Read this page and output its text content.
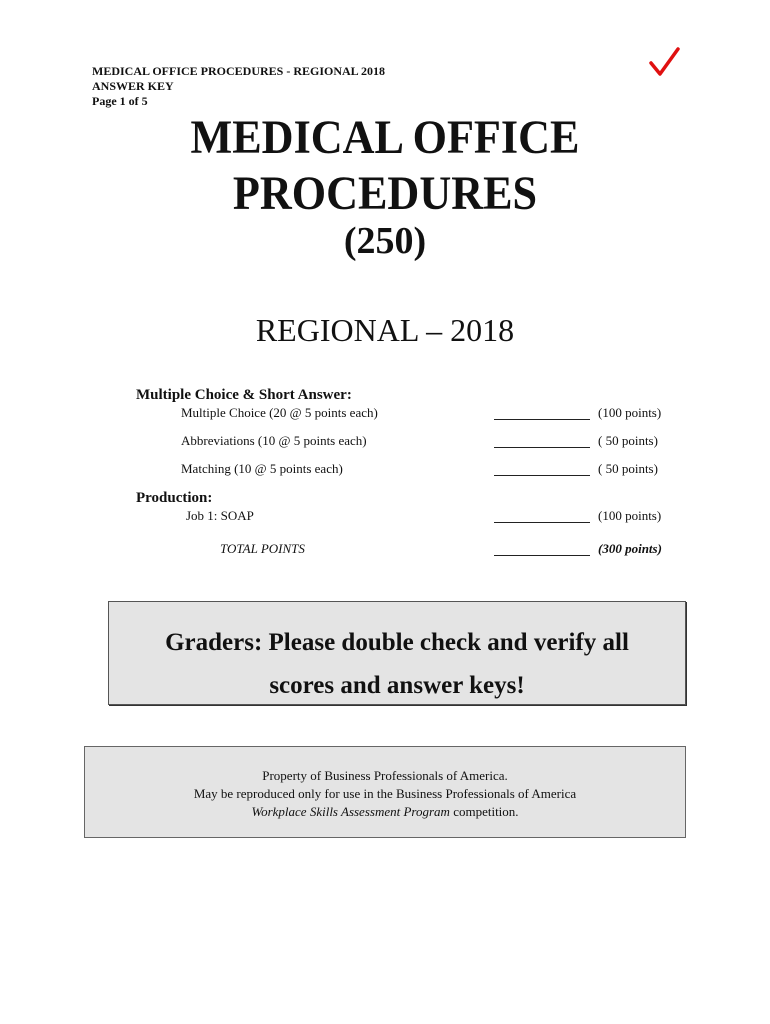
MEDICAL OFFICE PROCEDURES - REGIONAL 2018
ANSWER KEY
Page 1 of 5
MEDICAL OFFICE
PROCEDURES
(250)
REGIONAL – 2018
Multiple Choice & Short Answer:
Multiple Choice (20 @ 5 points each)	(100 points)
Abbreviations (10 @ 5 points each)	( 50 points)
Matching (10 @ 5 points each)	( 50 points)
Production:
Job 1: SOAP	(100 points)
TOTAL POINTS	(300 points)
Graders: Please double check and verify all
scores and answer keys!
Property of Business Professionals of America.
May be reproduced only for use in the Business Professionals of America
Workplace Skills Assessment Program competition.
